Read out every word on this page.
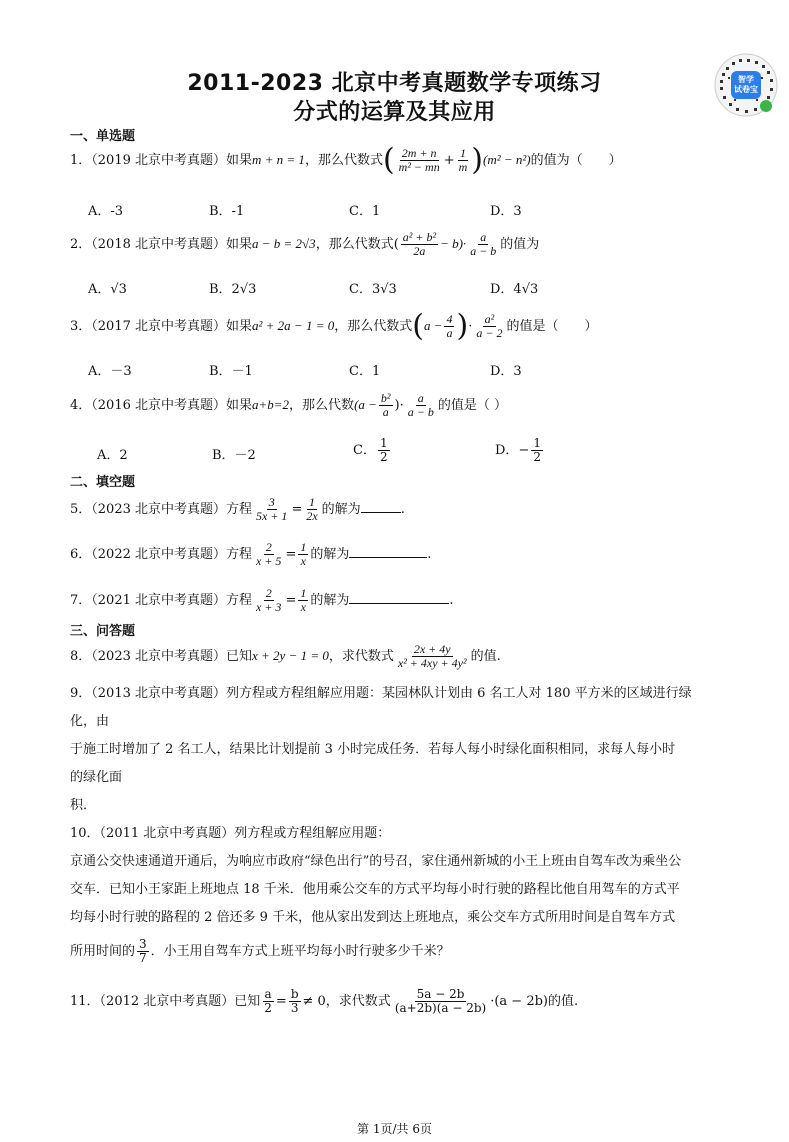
2011-2023 北京中考真题数学专项练习
分式的运算及其应用
智学
试卷宝
一、单选题
1．（2019 北京中考真题）如果m + n = 1，那么代数式( $\frac{2m + n}{\text{m² − mn}} + \frac{1}{m} )(m^2 - n^2)$的值为（　　）
A．-3	B．-1	C．1	D．3
2．（2018 北京中考真题）如果a − b = 2√3，那么代数式( $\frac{\text{a² + b²}}{2a} - b)\cdot \frac{a}{a - b}$ 的值为
A．√3	B．2√3	C．3√3	D．4√3
3．（2017 北京中考真题）如果a² + 2a − 1 = 0，那么代数式($a - \frac{4}{a}$ )· $\frac{\text{a²}}{a - 2}$ 的值是（　　）
A．－3	B．－1	C．1	D．3
4．（2016 北京中考真题）如果a+b=2，那么代数($a - \frac{\text{b²}}{a}$ )· $\frac{a}{a - b}$ 的值是（ ）
A．2	B．－2	C． $\frac{1}{2}$	D．− $\frac{1}{2}$
二、填空题
5．（2023 北京中考真题）方程 $\frac{3}{5x + 1} = \frac{1}{2x}$ 的解为	.
6．（2022 北京中考真题）方程 $\frac{2}{x + 5} = \frac{1}{x}$ 的解为	.
7．（2021 北京中考真题）方程 $\frac{2}{x + 3} = \frac{1}{x}$ 的解为	.
三、问答题
8．（2023 北京中考真题）已知x + 2y − 1 = 0，求代数式 $\frac{2x + 4y}{\text{x² + 4xy + 4y²}}$ 的值.
9．（2013 北京中考真题）列方程或方程组解应用题：某园林队计划由 6 名工人对 180 平方米的区域进行绿
化，由
于施工时增加了 2 名工人，结果比计划提前 3 小时完成任务．若每人每小时绿化面积相同，求每人每小时
的绿化面
积．
10．（2011 北京中考真题）列方程或方程组解应用题：
京通公交快速通道开通后，为响应市政府“绿色出行”的号召，家住通州新城的小王上班由自驾车改为乘坐公
交车．已知小王家距上班地点 18 千米．他用乘公交车的方式平均每小时行驶的路程比他自用驾车的方式平
均每小时行驶的路程的 2 倍还多 9 千米，他从家出发到达上班地点，乘公交车方式所用时间是自驾车方式
所用时间的 $\frac{3}{7}$ ．小王用自驾车方式上班平均每小时行驶多少千米？
11．（2012 北京中考真题）已知 $\frac{a}{2} = \frac{b}{3} \ne 0$，求代数式 $\frac{5a - 2b}{(a+2b)(a - 2b)} \cdot(a - 2b)$的值.
第 1页/共 6页
